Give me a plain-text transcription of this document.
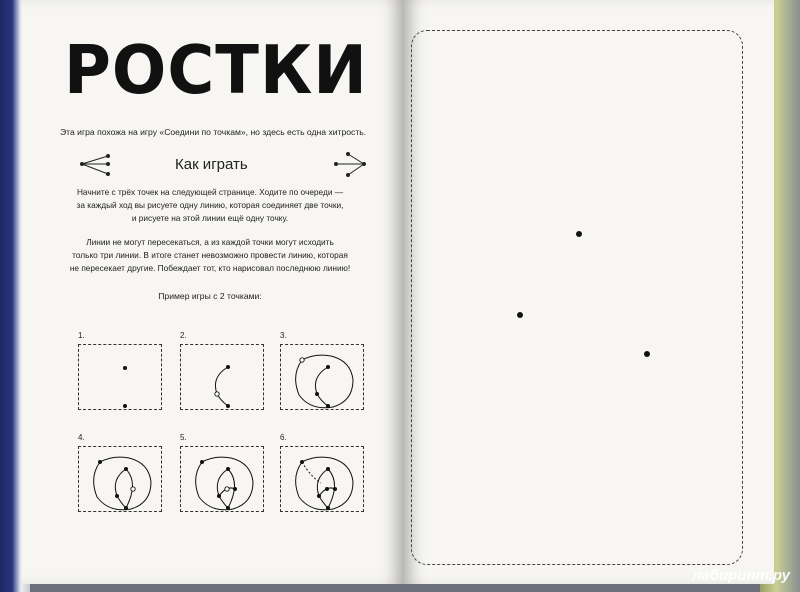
РОСТКИ
Эта игра похожа на игру «Соедини по точкам», но здесь есть одна хитрость.
Как играть

Начните с трёх точек на следующей странице. Ходите по очереди —

за каждый ход вы рисуете одну линию, которая соединяет две точки,

и рисуете на этой линии ещё одну точку.

Линии не могут пересекаться, а из каждой точки могут исходить

только три линии. В итоге станет невозможно провести линию, которая

не пересекает другие. Побеждает тот, кто нарисовал последнюю линию!

Пример игры с 2 точками:
1.	2.	3.
4.	5.	6.
лабиринт.ру
